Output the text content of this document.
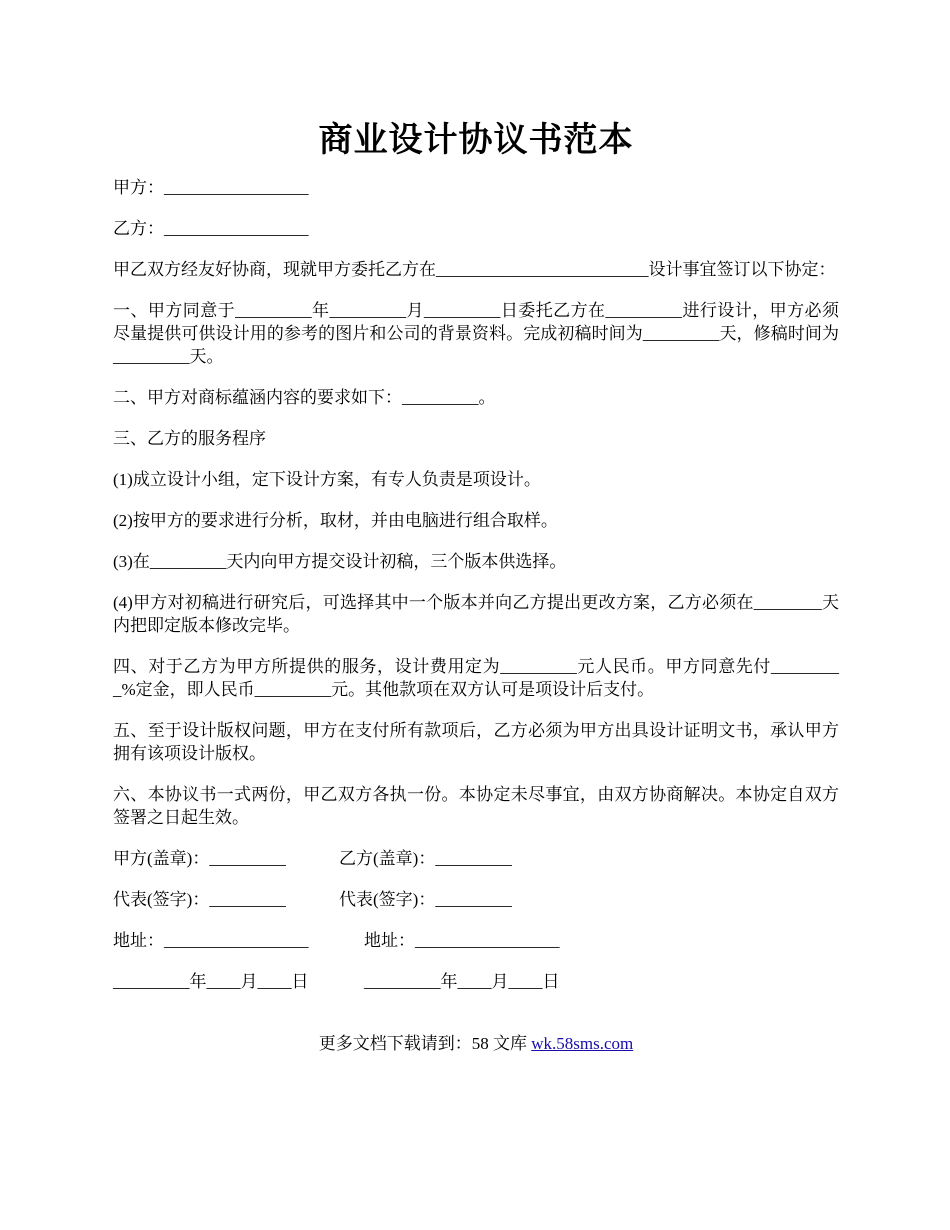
商业设计协议书范本

甲方：_________________

乙方：_________________

甲乙双方经友好协商，现就甲方委托乙方在_________________________设计事宜签订以下协定：

一、甲方同意于_________年_________月_________日委托乙方在_________进行设计，甲方必须尽量提供可供设计用的参考的图片和公司的背景资料。完成初稿时间为_________天，修稿时间为_________天。

二、甲方对商标蕴涵内容的要求如下：_________。

三、乙方的服务程序

(1)成立设计小组，定下设计方案，有专人负责是项设计。

(2)按甲方的要求进行分析，取材，并由电脑进行组合取样。

(3)在_________天内向甲方提交设计初稿，三个版本供选择。

(4)甲方对初稿进行研究后，可选择其中一个版本并向乙方提出更改方案，乙方必须在________天内把即定版本修改完毕。

四、对于乙方为甲方所提供的服务，设计费用定为_________元人民币。甲方同意先付_________%定金，即人民币_________元。其他款项在双方认可是项设计后支付。

五、至于设计版权问题，甲方在支付所有款项后，乙方必须为甲方出具设计证明文书，承认甲方拥有该项设计版权。

六、本协议书一式两份，甲乙双方各执一份。本协定未尽事宜，由双方协商解决。本协定自双方签署之日起生效。

甲方(盖章)：_________	乙方(盖章)：_________
代表(签字)：_________	代表(签字)：_________
地址：_________________	地址：_________________
_________年____月____日	_________年____月____日
更多文档下载请到：58 文库 wk.58sms.com
